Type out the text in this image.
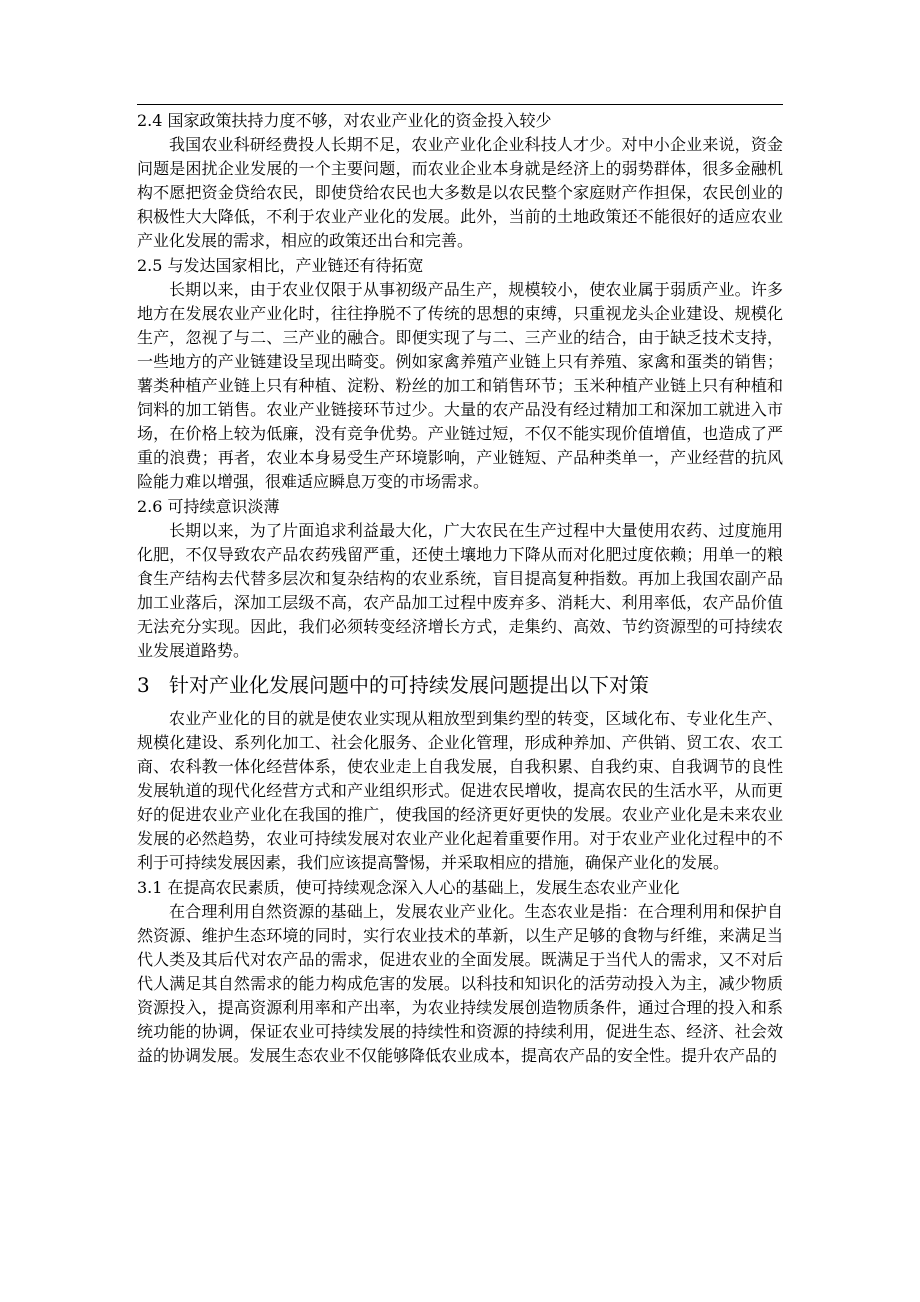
2.4 国家政策扶持力度不够，对农业产业化的资金投入较少

我国农业科研经费投人长期不足，农业产业化企业科技人才少。对中小企业来说，资金问题是困扰企业发展的一个主要问题，而农业企业本身就是经济上的弱势群体，很多金融机构不愿把资金贷给农民，即使贷给农民也大多数是以农民整个家庭财产作担保，农民创业的积极性大大降低，不利于农业产业化的发展。此外，当前的土地政策还不能很好的适应农业产业化发展的需求，相应的政策还出台和完善。

2.5 与发达国家相比，产业链还有待拓宽

长期以来，由于农业仅限于从事初级产品生产，规模较小，使农业属于弱质产业。许多地方在发展农业产业化时，往往挣脱不了传统的思想的束缚，只重视龙头企业建设、规模化生产，忽视了与二、三产业的融合。即便实现了与二、三产业的结合，由于缺乏技术支持，一些地方的产业链建设呈现出畸变。例如家禽养殖产业链上只有养殖、家禽和蛋类的销售；薯类种植产业链上只有种植、淀粉、粉丝的加工和销售环节；玉米种植产业链上只有种植和饲料的加工销售。农业产业链接环节过少。大量的农产品没有经过精加工和深加工就进入市场，在价格上较为低廉，没有竞争优势。产业链过短，不仅不能实现价值增值，也造成了严重的浪费；再者，农业本身易受生产环境影响，产业链短、产品种类单一，产业经营的抗风险能力难以增强，很难适应瞬息万变的市场需求。

2.6 可持续意识淡薄

长期以来，为了片面追求利益最大化，广大农民在生产过程中大量使用农药、过度施用化肥，不仅导致农产品农药残留严重，还使土壤地力下降从而对化肥过度依赖；用单一的粮食生产结构去代替多层次和复杂结构的农业系统，盲目提高复种指数。再加上我国农副产品加工业落后，深加工层级不高，农产品加工过程中废弃多、消耗大、利用率低，农产品价值无法充分实现。因此，我们必须转变经济增长方式，走集约、高效、节约资源型的可持续农业发展道路势。

3 针对产业化发展问题中的可持续发展问题提出以下对策

农业产业化的目的就是使农业实现从粗放型到集约型的转变，区域化布、专业化生产、规模化建设、系列化加工、社会化服务、企业化管理，形成种养加、产供销、贸工农、农工商、农科教一体化经营体系，使农业走上自我发展，自我积累、自我约束、自我调节的良性发展轨道的现代化经营方式和产业组织形式。促进农民增收，提高农民的生活水平，从而更好的促进农业产业化在我国的推广，使我国的经济更好更快的发展。农业产业化是未来农业发展的必然趋势，农业可持续发展对农业产业化起着重要作用。对于农业产业化过程中的不利于可持续发展因素，我们应该提高警惕，并采取相应的措施，确保产业化的发展。

3.1 在提高农民素质，使可持续观念深入人心的基础上，发展生态农业产业化

在合理利用自然资源的基础上，发展农业产业化。生态农业是指：在合理利用和保护自然资源、维护生态环境的同时，实行农业技术的革新，以生产足够的食物与纤维，来满足当代人类及其后代对农产品的需求，促进农业的全面发展。既满足于当代人的需求，又不对后代人满足其自然需求的能力构成危害的发展。以科技和知识化的活劳动投入为主，减少物质资源投入，提高资源利用率和产出率，为农业持续发展创造物质条件，通过合理的投入和系统功能的协调，保证农业可持续发展的持续性和资源的持续利用，促进生态、经济、社会效益的协调发展。发展生态农业不仅能够降低农业成本，提高农产品的安全性。提升农产品的
